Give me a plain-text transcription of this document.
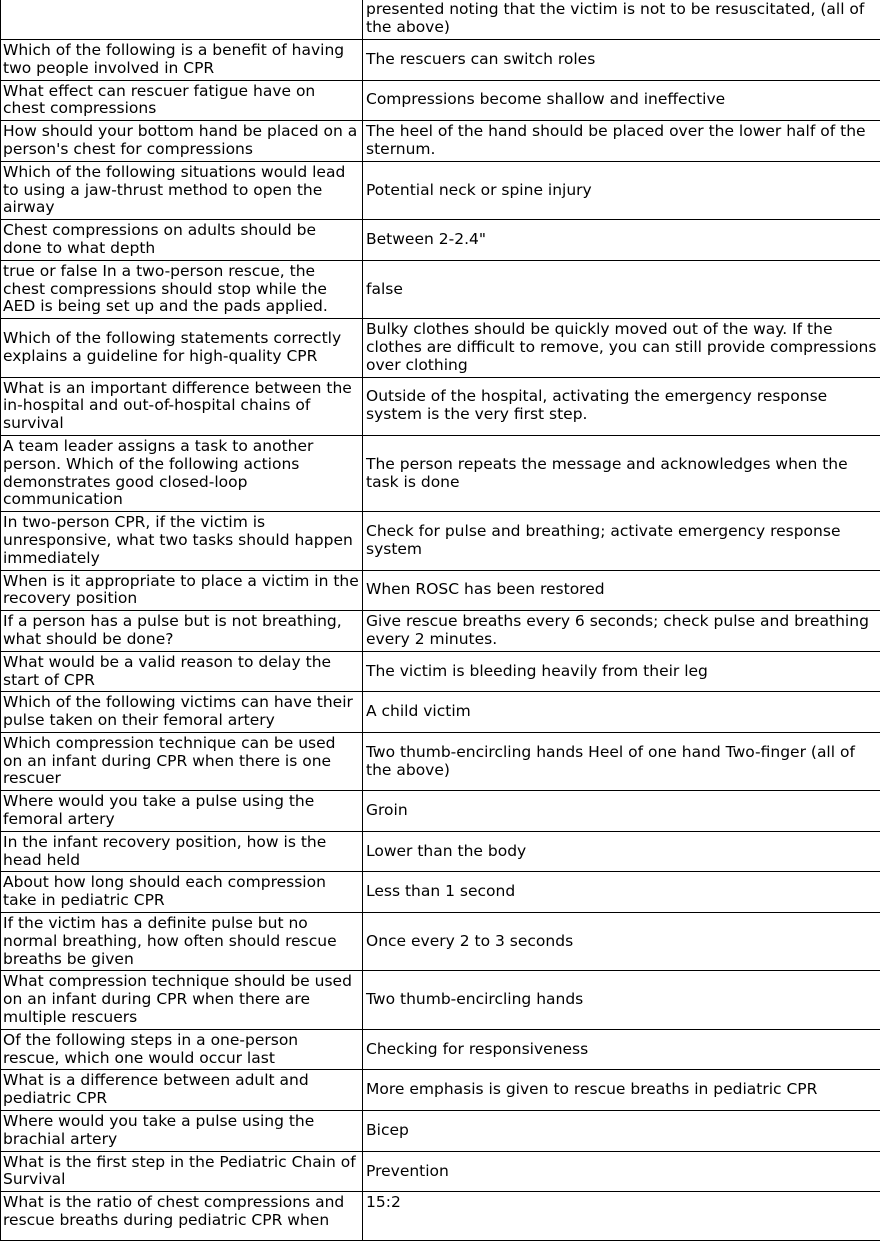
	presented noting that the victim is not to be resuscitated, (all of the above)
Which of the following is a benefit of having two people involved in CPR	The rescuers can switch roles
What effect can rescuer fatigue have on chest compressions	Compressions become shallow and ineffective
How should your bottom hand be placed on a person's chest for compressions	The heel of the hand should be placed over the lower half of the sternum.
Which of the following situations would lead to using a jaw-thrust method to open the airway	Potential neck or spine injury
Chest compressions on adults should be done to what depth	Between 2-2.4"
true or false In a two-person rescue, the chest compressions should stop while the AED is being set up and the pads applied.	false
Which of the following statements correctly explains a guideline for high-quality CPR	Bulky clothes should be quickly moved out of the way. If the clothes are difficult to remove, you can still provide compressions over clothing
What is an important difference between the in-hospital and out-of-hospital chains of survival	Outside of the hospital, activating the emergency response system is the very first step.
A team leader assigns a task to another person. Which of the following actions demonstrates good closed-loop communication	The person repeats the message and acknowledges when the task is done
In two-person CPR, if the victim is unresponsive, what two tasks should happen immediately	Check for pulse and breathing; activate emergency response system
When is it appropriate to place a victim in the recovery position	When ROSC has been restored
If a person has a pulse but is not breathing, what should be done?	Give rescue breaths every 6 seconds; check pulse and breathing every 2 minutes.
What would be a valid reason to delay the start of CPR	The victim is bleeding heavily from their leg
Which of the following victims can have their pulse taken on their femoral artery	A child victim
Which compression technique can be used on an infant during CPR when there is one rescuer	Two thumb-encircling hands Heel of one hand Two-finger (all of the above)
Where would you take a pulse using the femoral artery	Groin
In the infant recovery position, how is the head held	Lower than the body
About how long should each compression take in pediatric CPR	Less than 1 second
If the victim has a definite pulse but no normal breathing, how often should rescue breaths be given	Once every 2 to 3 seconds
What compression technique should be used on an infant during CPR when there are multiple rescuers	Two thumb-encircling hands
Of the following steps in a one-person rescue, which one would occur last	Checking for responsiveness
What is a difference between adult and pediatric CPR	More emphasis is given to rescue breaths in pediatric CPR
Where would you take a pulse using the brachial artery	Bicep
What is the first step in the Pediatric Chain of Survival	Prevention
What is the ratio of chest compressions and rescue breaths during pediatric CPR when	15:2
